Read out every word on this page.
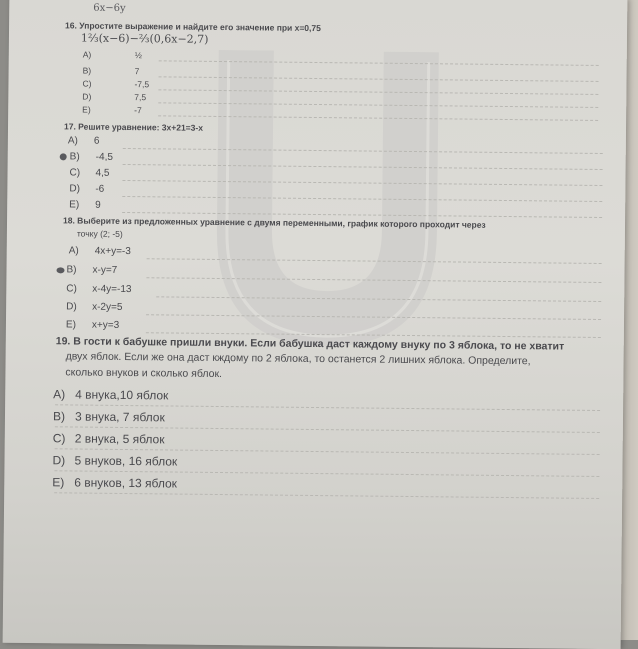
6x−6y
16. Упростите выражение и найдите его значение при x=0,75
1⅔(x−6)−⅔(0,6x−2,7)
A)	½
B)	7
C)	-7,5
D)	7,5
E)	-7
17. Решите уравнение: 3x+21=3-x
A)	6
B)	-4,5
C)	4,5
D)	-6
E)	9
18. Выберите из предложенных уравнение с двумя переменными, график которого проходит через
точку (2; -5)
A)	4x+y=-3
B)	x-y=7
C)	x-4y=-13
D)	x-2y=5
E)	x+y=3
19. В гости к бабушке пришли внуки. Если бабушка даст каждому внуку по 3 яблока, то не хватит
двух яблок. Если же она даст кждому по 2 яблока, то останется 2 лишних яблока. Определите,
сколько внуков и сколько яблок.
A) 4 внука,10 яблок
B) 3 внука, 7 яблок
C) 2 внука, 5 яблок
D) 5 внуков, 16 яблок
E) 6 внуков, 13 яблок
